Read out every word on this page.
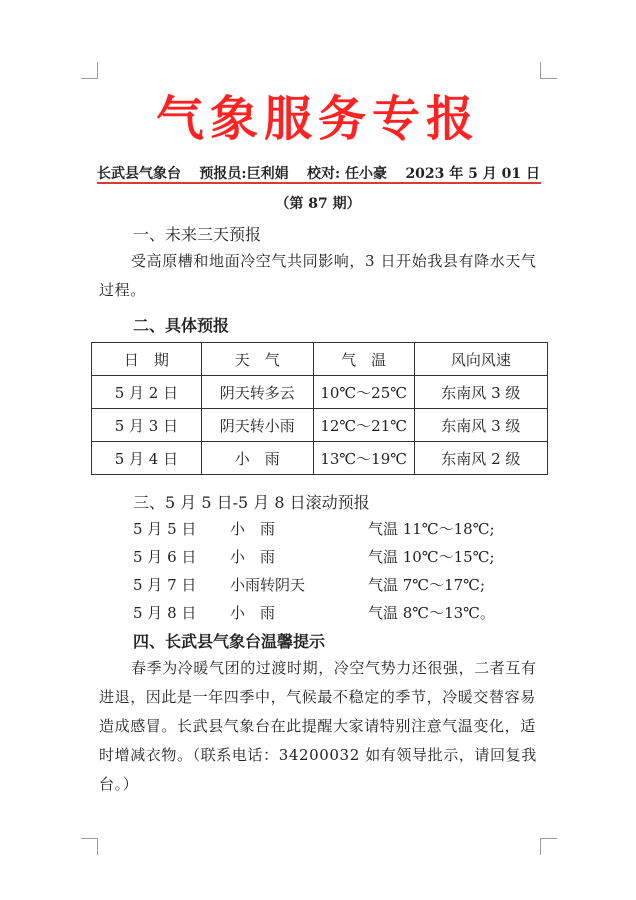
气象服务专报
长武县气象台 预报员:巨利娟 校对: 任小豪 2023 年 5 月 01 日
（第 87 期）
一、未来三天预报
受高原槽和地面冷空气共同影响，3 日开始我县有降水天气过程。
二、具体预报
日　期	天　气	气　温	风向风速
5 月 2 日	阴天转多云	10℃～25℃	东南风 3 级
5 月 3 日	阴天转小雨	12℃～21℃	东南风 3 级
5 月 4 日	小　雨	13℃～19℃	东南风 2 级
三、5 月 5 日-5 月 8 日滚动预报
5 月 5 日 小　雨	气温 11℃～18℃;
5 月 6 日 小　雨	气温 10℃～15℃;
5 月 7 日 小雨转阴天	气温 7℃～17℃;
5 月 8 日 小　雨	气温 8℃～13℃。
四、长武县气象台温馨提示
春季为冷暖气团的过渡时期，冷空气势力还很强，二者互有进退，因此是一年四季中，气候最不稳定的季节，冷暖交替容易造成感冒。长武县气象台在此提醒大家请特别注意气温变化，适时增减衣物。（联系电话：34200032 如有领导批示，请回复我台。）
